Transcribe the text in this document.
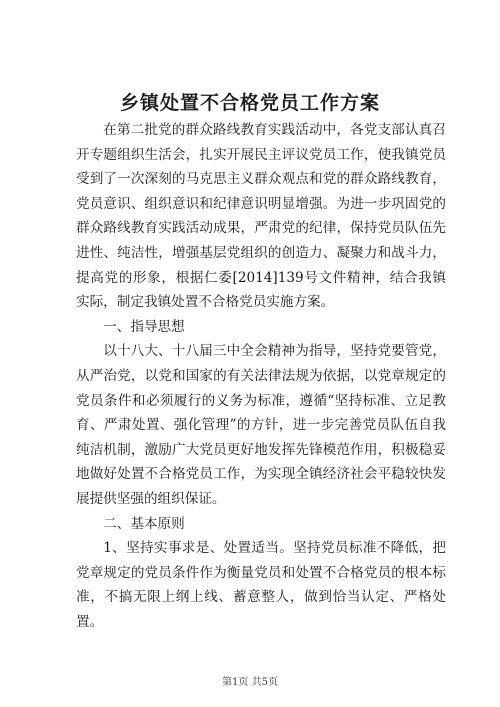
乡镇处置不合格党员工作方案

在第二批党的群众路线教育实践活动中，各党支部认真召开专题组织生活会，扎实开展民主评议党员工作，使我镇党员受到了一次深刻的马克思主义群众观点和党的群众路线教育，党员意识、组织意识和纪律意识明显增强。为进一步巩固党的群众路线教育实践活动成果，严肃党的纪律，保持党员队伍先进性、纯洁性，增强基层党组织的创造力、凝聚力和战斗力，提高党的形象，根据仁委[2014]139号文件精神，结合我镇实际，制定我镇处置不合格党员实施方案。

一、指导思想

以十八大、十八届三中全会精神为指导，坚持党要管党，从严治党，以党和国家的有关法律法规为依据，以党章规定的党员条件和必须履行的义务为标准，遵循“坚持标准、立足教育、严肃处置、强化管理”的方针，进一步完善党员队伍自我纯洁机制，激励广大党员更好地发挥先锋模范作用，积极稳妥地做好处置不合格党员工作，为实现全镇经济社会平稳较快发展提供坚强的组织保证。

二、基本原则

1、坚持实事求是、处置适当。坚持党员标准不降低，把党章规定的党员条件作为衡量党员和处置不合格党员的根本标准，不搞无限上纲上线、蓄意整人，做到恰当认定、严格处置。

第1页 共5页
